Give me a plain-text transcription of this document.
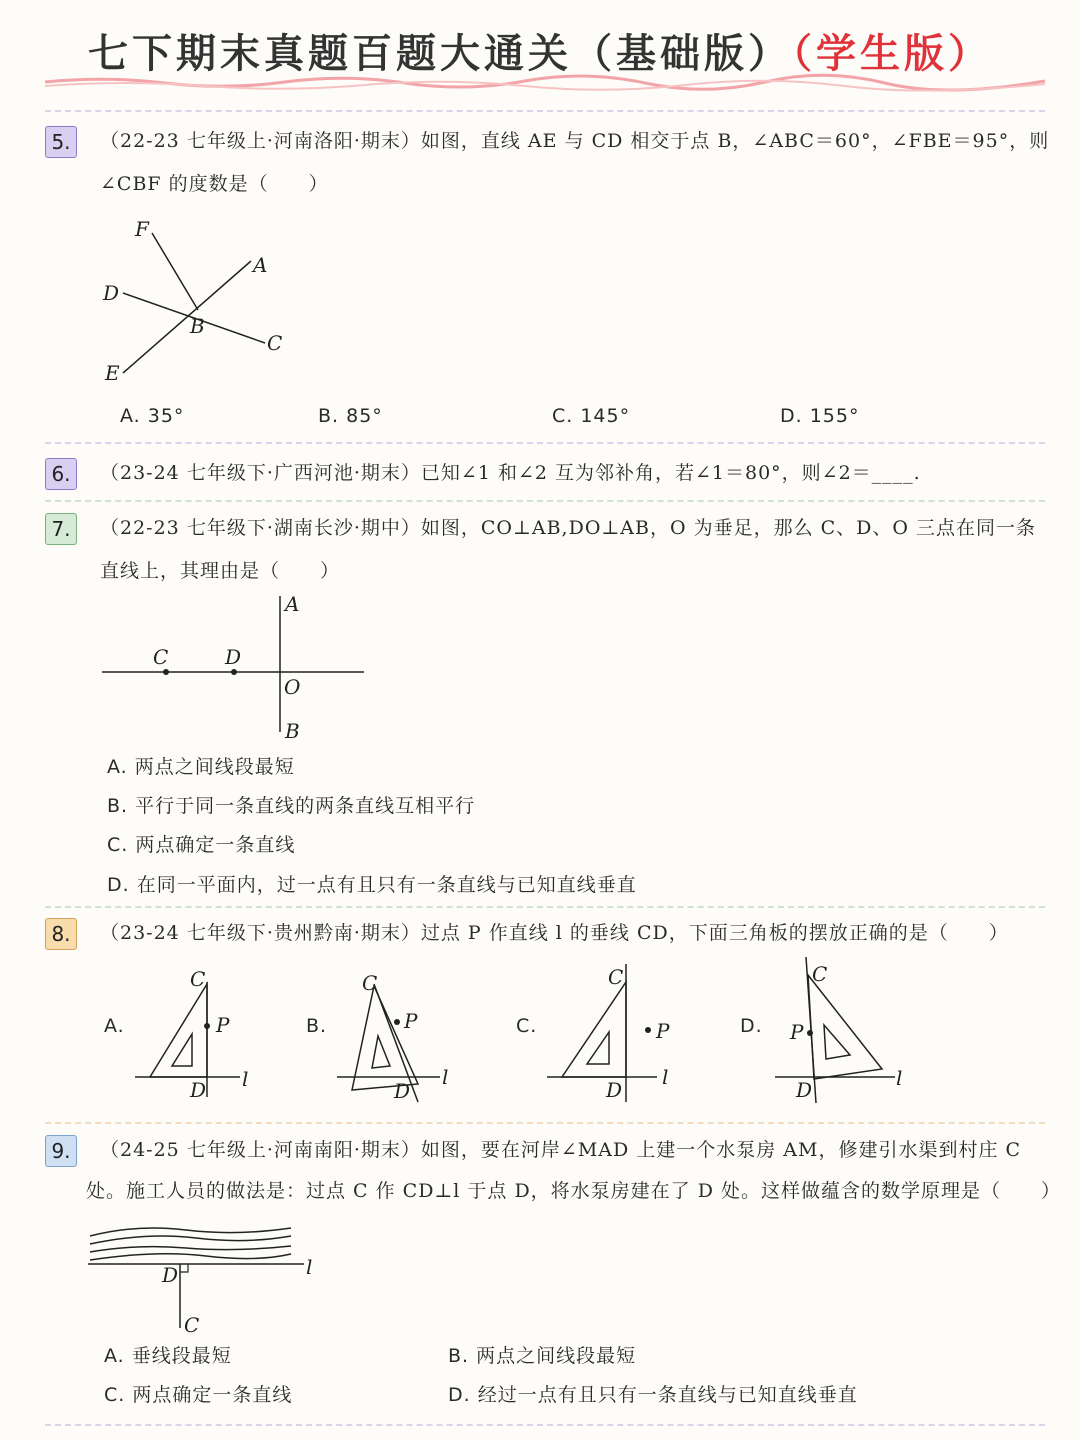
七下期末真题百题大通关（基础版）（学生版）
5.	（22-23 七年级上·河南洛阳·期末）如图，直线 AE 与 CD 相交于点 B，∠ABC＝60°，∠FBE＝95°，则
∠CBF 的度数是（　　）
F
A
D
B
C
E
A. 35°	B. 85°	C. 145°	D. 155°
6.	（23-24 七年级下·广西河池·期末）已知∠1 和∠2 互为邻补角，若∠1＝80°，则∠2＝____.
7.	（22-23 七年级下·湖南长沙·期中）如图，CO⊥AB,DO⊥AB，O 为垂足，那么 C、D、O 三点在同一条
直线上，其理由是（　　）
A
C	D
O
B
A. 两点之间线段最短
B. 平行于同一条直线的两条直线互相平行
C. 两点确定一条直线
D. 在同一平面内，过一点有且只有一条直线与已知直线垂直
8.	（23-24 七年级下·贵州黔南·期末）过点 P 作直线 l 的垂线 CD，下面三角板的摆放正确的是（　　）
A.
C
P
D l
B.
C
P
D
l
C.
C
P
D
l
D.
C
P
D	l
9.	（24-25 七年级上·河南南阳·期末）如图，要在河岸∠MAD 上建一个水泵房 AM，修建引水渠到村庄 C
处。施工人员的做法是：过点 C 作 CD⊥l 于点 D，将水泵房建在了 D 处。这样做蕴含的数学原理是（　　）
D	l
C
A. 垂线段最短	B. 两点之间线段最短
C. 两点确定一条直线	D. 经过一点有且只有一条直线与已知直线垂直
